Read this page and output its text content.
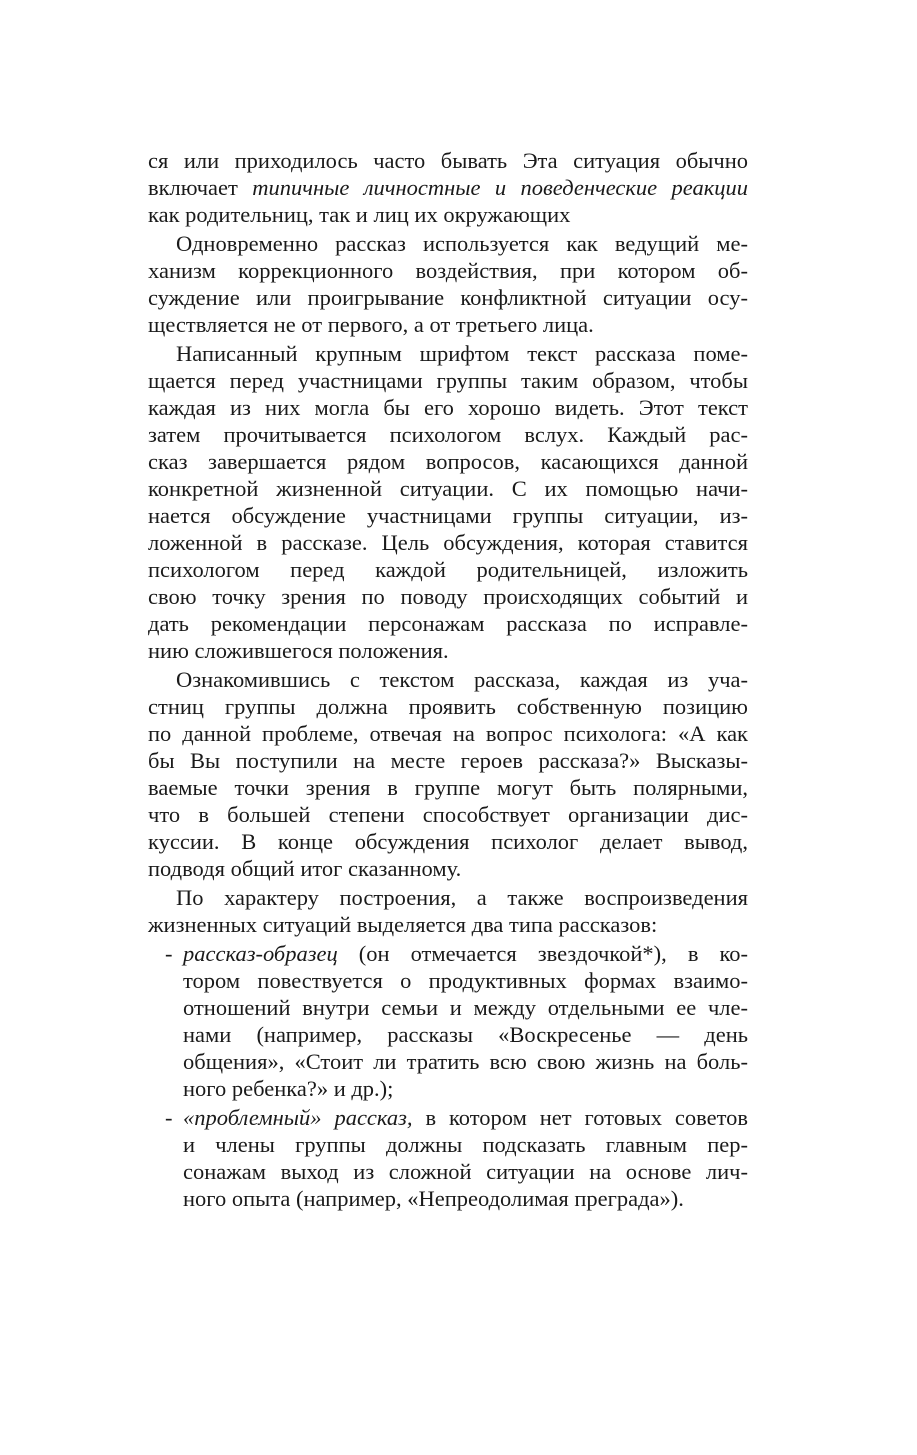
ся или приходилось часто бывать Эта ситуация обычно
включает типичные личностные и поведенческие реакции
как родительниц, так и лиц их окружающих
Одновременно рассказ используется как ведущий ме-
ханизм коррекционного воздействия, при котором об-
суждение или проигрывание конфликтной ситуации осу-
ществляется не от первого, а от третьего лица.
Написанный крупным шрифтом текст рассказа поме-
щается перед участницами группы таким образом, чтобы
каждая из них могла бы его хорошо видеть. Этот текст
затем прочитывается психологом вслух. Каждый рас-
сказ завершается рядом вопросов, касающихся данной
конкретной жизненной ситуации. С их помощью начи-
нается обсуждение участницами группы ситуации, из-
ложенной в рассказе. Цель обсуждения, которая ставится
психологом перед каждой родительницей, изложить
свою точку зрения по поводу происходящих событий и
дать рекомендации персонажам рассказа по исправле-
нию сложившегося положения.
Ознакомившись с текстом рассказа, каждая из уча-
стниц группы должна проявить собственную позицию
по данной проблеме, отвечая на вопрос психолога: «А как
бы Вы поступили на месте героев рассказа?» Высказы-
ваемые точки зрения в группе могут быть полярными,
что в большей степени способствует организации дис-
куссии. В конце обсуждения психолог делает вывод,
подводя общий итог сказанному.
По характеру построения, а также воспроизведения
жизненных ситуаций выделяется два типа рассказов:
- рассказ-образец (он отмечается звездочкой*), в ко-
тором повествуется о продуктивных формах взаимо-
отношений внутри семьи и между отдельными ее чле-
нами (например, рассказы «Воскресенье — день
общения», «Стоит ли тратить всю свою жизнь на боль-
ного ребенка?» и др.);
- «проблемный» рассказ, в котором нет готовых советов
и члены группы должны подсказать главным пер-
сонажам выход из сложной ситуации на основе лич-
ного опыта (например, «Непреодолимая преграда»).
